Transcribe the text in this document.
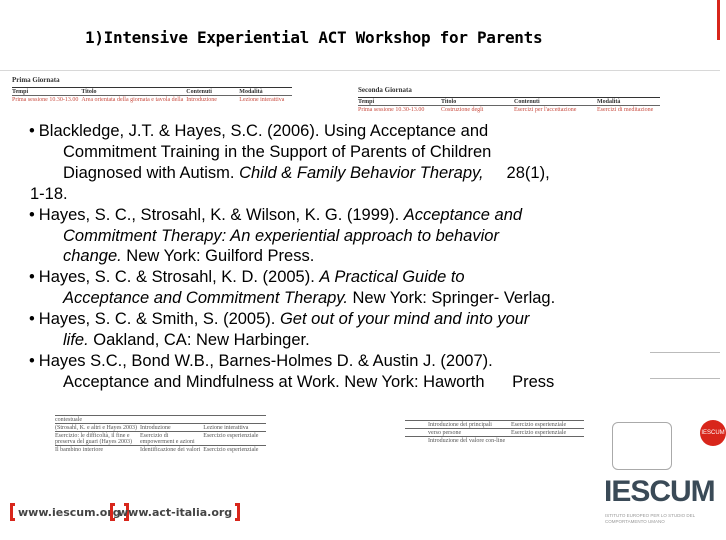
1)Intensive Experiential ACT Workshop for Parents
Prima Giornata
Tempi	Titolo	Contenuti	Modalità
Prima sessione 10.30-13.00	Area orientata della giornata e tavola della	Introduzione	Lezione interattiva
Seconda Giornata
Tempi	Titolo	Contenuti	Modalità
Prima sessione 10.30-13.00	Costruzione degli	Esercizi per l'accettazione	Esercizi di meditazione
contestuale		
(Strosahl, K. e altri e Hayes 2003)	Introduzione	Lezione interattiva
Esercizio: le difficoltà, il fine e preserva del guari (Hayes 2003)	Esercizio di empowerment e azioni	Esercizio esperienziale
Il bambino interiore	Identificazione dei valori	Esercizio esperienziale
	Introduzione dei principali	Esercizio esperienziale
	verso persone	Esercizio esperienziale
	Introduzione del valore con-line	

• Blackledge, J.T. & Hayes, S.C. (2006). Using Acceptance and
Commitment Training in the Support of Parents of Children
Diagnosed with Autism. Child & Family Behavior Therapy,     28(1),
1-18.

• Hayes, S. C., Strosahl, K. & Wilson, K. G. (1999). Acceptance and
Commitment Therapy: An experiential approach to behavior
change. New York: Guilford Press.

• Hayes, S. C. & Strosahl, K. D. (2005). A Practical Guide to
Acceptance and Commitment Therapy. New York: Springer- Verlag.

• Hayes, S. C. & Smith, S. (2005). Get out of your mind and into your
life. Oakland, CA: New Harbinger.

• Hayes S.C., Bond W.B., Barnes-Holmes D. & Austin J. (2007).
Acceptance and Mindfulness at Work. New York: Haworth      Press

www.iescum.org
www.act-italia.org
IESCUM
IESCUM
ISTITUTO EUROPEO PER LO STUDIO DEL COMPORTAMENTO UMANO
